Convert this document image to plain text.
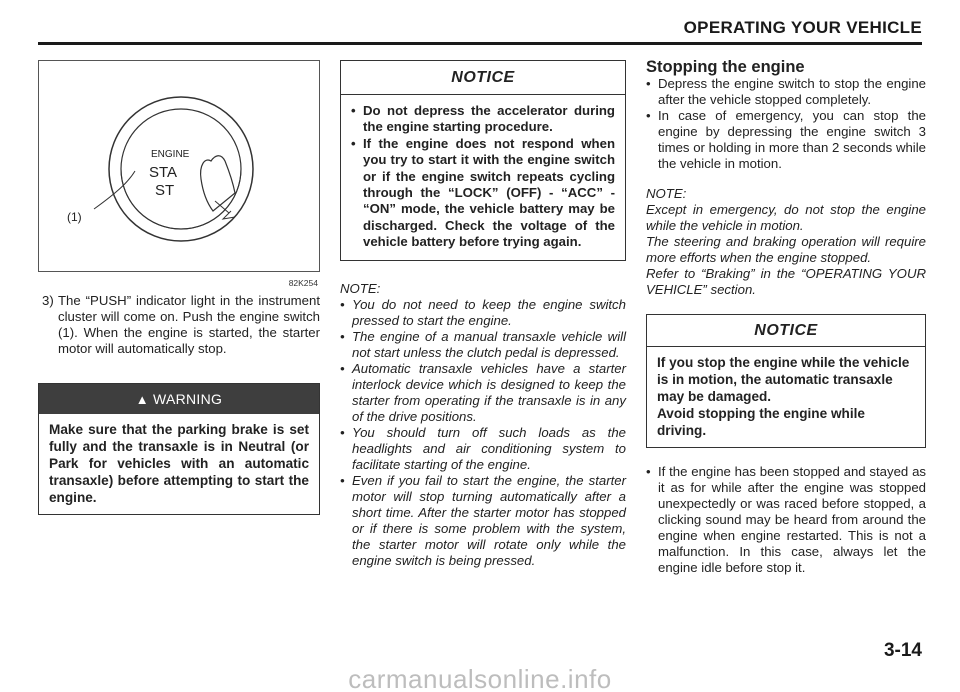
OPERATING YOUR VEHICLE
ENGINE
STA
ST
(1)
82K254
3) The “PUSH” indicator light in the instrument cluster will come on. Push the engine switch (1). When the engine is started, the starter motor will automatically stop.
▲ WARNING
Make sure that the parking brake is set fully and the transaxle is in Neutral (or Park for vehicles with an automatic transaxle) before attempting to start the engine.
NOTICE
• Do not depress the accelerator during the engine starting procedure.
• If the engine does not respond when you try to start it with the engine switch or if the engine switch repeats cycling through the “LOCK” (OFF) - “ACC” - “ON” mode, the vehicle battery may be discharged. Check the voltage of the vehicle battery before trying again.
NOTE:
• You do not need to keep the engine switch pressed to start the engine.
• The engine of a manual transaxle vehicle will not start unless the clutch pedal is depressed.
• Automatic transaxle vehicles have a starter interlock device which is designed to keep the starter from operating if the transaxle is in any of the drive positions.
• You should turn off such loads as the headlights and air conditioning system to facilitate starting of the engine.
• Even if you fail to start the engine, the starter motor will stop turning automatically after a short time. After the starter motor has stopped or if there is some problem with the system, the starter motor will rotate only while the engine switch is being pressed.
Stopping the engine
• Depress the engine switch to stop the engine after the vehicle stopped completely.
• In case of emergency, you can stop the engine by depressing the engine switch 3 times or holding in more than 2 seconds while the vehicle in motion.
NOTE:
Except in emergency, do not stop the engine while the vehicle in motion.
The steering and braking operation will require more efforts when the engine stopped.
Refer to “Braking” in the “OPERATING YOUR VEHICLE” section.
NOTICE
If you stop the engine while the vehicle is in motion, the automatic transaxle may be damaged.
Avoid stopping the engine while driving.
• If the engine has been stopped and stayed as it as for while after the engine was stopped unexpectedly or was raced before stopped, a clicking sound may be heard from around the engine when engine restarted. This is not a malfunction. In this case, always let the engine idle before stop it.
3-14
carmanualsonline.info
